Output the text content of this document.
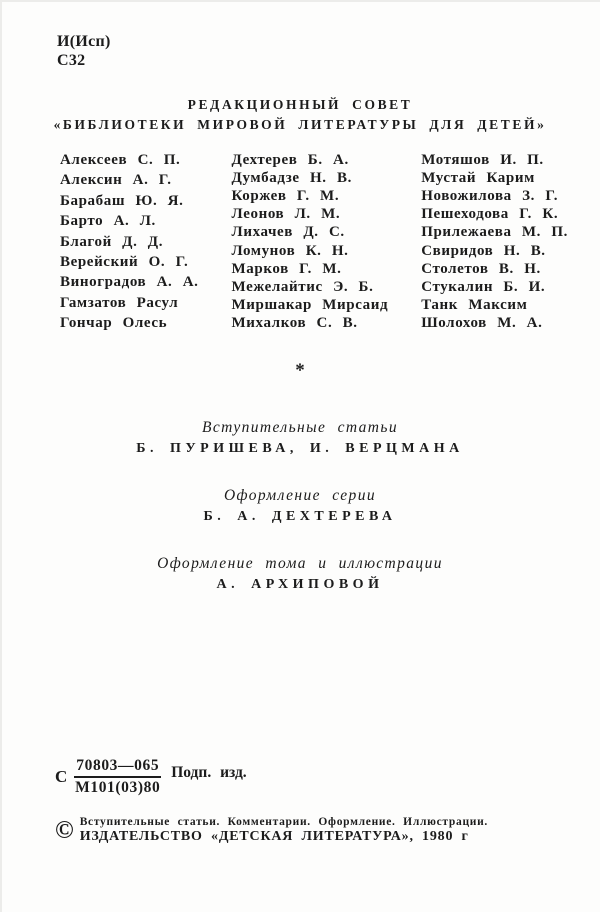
И(Исп)
С32
РЕДАКЦИОННЫЙ СОВЕТ
«БИБЛИОТЕКИ МИРОВОЙ ЛИТЕРАТУРЫ ДЛЯ ДЕТЕЙ»
Алексеев С. П.
Алексин А. Г.
Барабаш Ю. Я.
Барто А. Л.
Благой Д. Д.
Верейский О. Г.
Виноградов А. А.
Гамзатов Расул
Гончар Олесь
Дехтерев Б. А.
Думбадзе Н. В.
Коржев Г. М.
Леонов Л. М.
Лихачев Д. С.
Ломунов К. Н.
Марков Г. М.
Межелайтис Э. Б.
Миршакар Мирсаид
Михалков С. В.
Мотяшов И. П.
Мустай Карим
Новожилова З. Г.
Пешеходова Г. К.
Прилежаева М. П.
Свиридов Н. В.
Столетов В. Н.
Стукалин Б. И.
Танк Максим
Шолохов М. А.
*
Вступительные статьи
Б. ПУРИШЕВА, И. ВЕРЦМАНА
Оформление серии
Б. А. ДЕХТЕРЕВА
Оформление тома и иллюстрации
А. АРХИПОВОЙ
С $\frac{70803—065}{М101(03)80}$ Подп. изд.
© Вступительные статьи. Комментарии. Оформление. Иллюстрации.
ИЗДАТЕЛЬСТВО «ДЕТСКАЯ ЛИТЕРАТУРА», 1980 г
